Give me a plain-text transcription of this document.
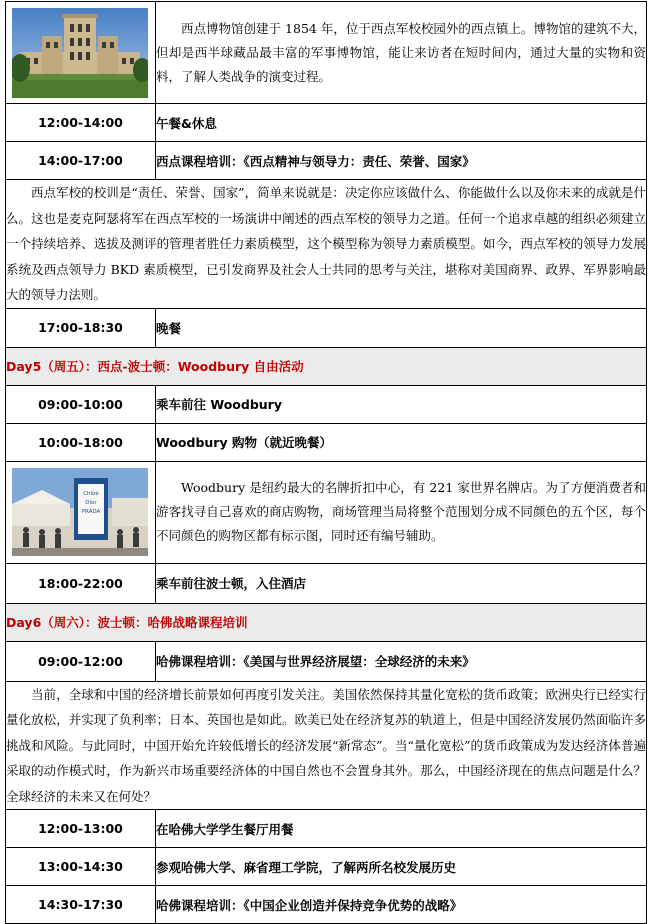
	西点博物馆创建于 1854 年，位于西点军校校园外的西点镇上。博物馆的建筑不大，但却是西半球藏品最丰富的军事博物馆，能让来访者在短时间内，通过大量的实物和资料，了解人类战争的演变过程。
12:00-14:00	午餐&休息
14:00-17:00	西点课程培训：《西点精神与领导力：责任、荣誉、国家》
西点军校的校训是“责任、荣誉、国家”，简单来说就是：决定你应该做什么、你能做什么以及你未来的成就是什么。这也是麦克阿瑟将军在西点军校的一场演讲中阐述的西点军校的领导力之道。任何一个追求卓越的组织必须建立一个持续培养、选拔及测评的管理者胜任力素质模型，这个模型称为领导力素质模型。如今，西点军校的领导力发展系统及西点领导力 BKD 素质模型，已引发商界及社会人士共同的思考与关注，堪称对美国商界、政界、军界影响最大的领导力法则。	
17:00-18:30	晚餐
Day5（周五）：西点-波士顿：Woodbury 自由活动	
09:00-10:00	乘车前往 Woodbury
10:00-18:00	Woodbury 购物（就近晚餐）

Chloé
Dior
PRADA	Woodbury 是纽约最大的名牌折扣中心，有 221 家世界名牌店。为了方便消费者和游客找寻自己喜欢的商店购物，商场管理当局将整个范围划分成不同颜色的五个区，每个不同颜色的购物区都有标示图，同时还有编号辅助。
18:00-22:00	乘车前往波士顿，入住酒店
Day6（周六）：波士顿：哈佛战略课程培训	
09:00-12:00	哈佛课程培训：《美国与世界经济展望：全球经济的未来》
当前，全球和中国的经济增长前景如何再度引发关注。美国依然保持其量化宽松的货币政策；欧洲央行已经实行量化放松，并实现了负利率；日本、英国也是如此。欧美已处在经济复苏的轨道上，但是中国经济发展仍然面临许多挑战和风险。与此同时，中国开始允许较低增长的经济发展“新常态”。当“量化宽松”的货币政策成为发达经济体普遍采取的动作模式时，作为新兴市场重要经济体的中国自然也不会置身其外。那么，中国经济现在的焦点问题是什么？全球经济的未来又在何处？	
12:00-13:00	在哈佛大学学生餐厅用餐
13:00-14:30	参观哈佛大学、麻省理工学院，了解两所名校发展历史
14:30-17:30	哈佛课程培训：《中国企业创造并保持竞争优势的战略》
